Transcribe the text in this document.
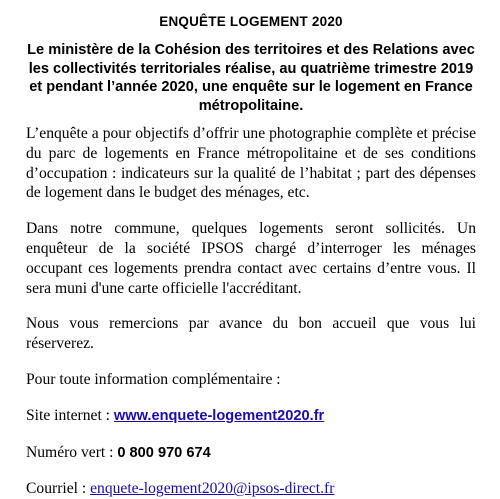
ENQUÊTE LOGEMENT 2020
Le ministère de la Cohésion des territoires et des Relations avec les collectivités territoriales réalise, au quatrième trimestre 2019 et pendant l’année 2020, une enquête sur le logement en France métropolitaine.
L’enquête a pour objectifs d’offrir une photographie complète et précise du parc de logements en France métropolitaine et de ses conditions d’occupation : indicateurs sur la qualité de l’habitat ; part des dépenses de logement dans le budget des ménages, etc.
Dans notre commune, quelques logements seront sollicités. Un enquêteur de la société IPSOS chargé d’interroger les ménages occupant ces logements prendra contact avec certains d’entre vous. Il sera muni d'une carte officielle l'accréditant.
Nous vous remercions par avance du bon accueil que vous lui réserverez.
Pour toute information complémentaire :
Site internet : www.enquete-logement2020.fr
Numéro vert : 0 800 970 674
Courriel : enquete-logement2020@ipsos-direct.fr
